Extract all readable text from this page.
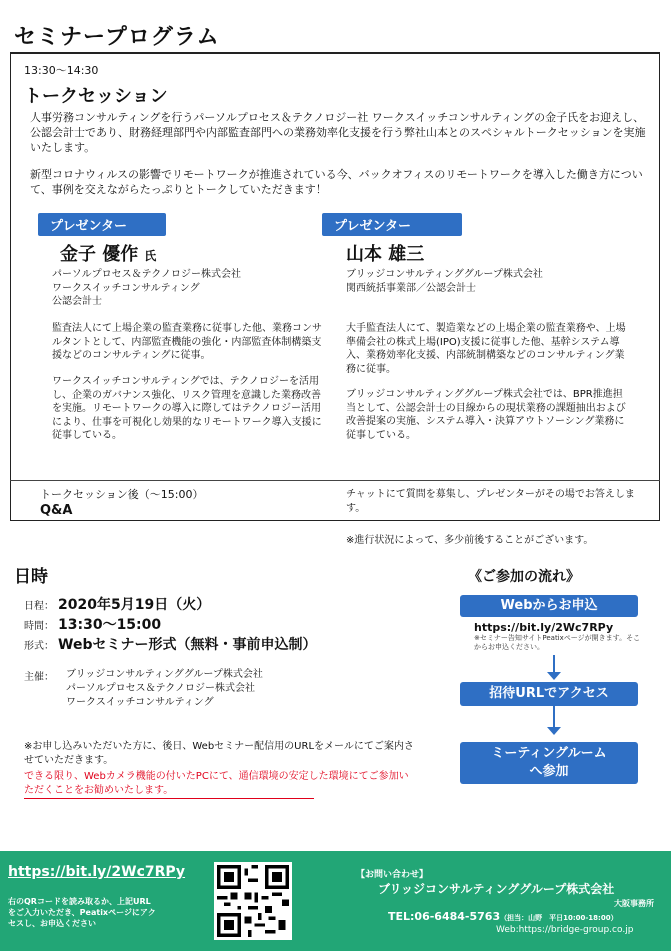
セミナープログラム
13:30～14:30
トークセッション
人事労務コンサルティングを行うパーソルプロセス＆テクノロジー社 ワークスイッチコンサルティングの金子氏をお迎えし、公認会計士であり、財務経理部門や内部監査部門への業務効率化支援を行う弊社山本とのスペシャルトークセッションを実施いたします。
新型コロナウィルスの影響でリモートワークが推進されている今、バックオフィスのリモートワークを導入した働き方について、事例を交えながらたっぷりとトークしていただきます！
プレゼンター	プレゼンター
金子 優作 氏	山本 雄三
パーソルプロセス＆テクノロジー株式会社
ワークスイッチコンサルティング
公認会計士
ブリッジコンサルティンググループ株式会社
関西統括事業部／公認会計士
監査法人にて上場企業の監査業務に従事した他、業務コンサルタントとして、内部監査機能の強化・内部監査体制構築支援などのコンサルティングに従事。
ワークスイッチコンサルティングでは、テクノロジーを活用し、企業のガバナンス強化、リスク管理を意識した業務改善を実施。リモートワークの導入に際してはテクノロジー活用により、仕事を可視化し効果的なリモートワーク導入支援に従事している。
大手監査法人にて、製造業などの上場企業の監査業務や、上場準備会社の株式上場(IPO)支援に従事した他、基幹システム導入、業務効率化支援、内部統制構築などのコンサルティング業務に従事。
ブリッジコンサルティンググループ株式会社では、BPR推進担当として、公認会計士の目線からの現状業務の課題抽出および改善提案の実施、システム導入・決算アウトソーシング業務に従事している。
トークセッション後（～15:00）
Q&A
チャットにて質問を募集し、プレゼンターがその場でお答えします。
※進行状況によって、多少前後することがございます。
日時
日程： 2020年5月19日（火）
時間： 13:30～15:00
形式： Webセミナー形式（無料・事前申込制）
主催： ブリッジコンサルティンググループ株式会社
パーソルプロセス＆テクノロジー株式会社
ワークスイッチコンサルティング
※お申し込みいただいた方に、後日、Webセミナー配信用のURLをメールにてご案内させていただきます。
できる限り、Webカメラ機能の付いたPCにて、通信環境の安定した環境にてご参加いただくことをお勧めいたします。
《ご参加の流れ》
Webからお申込
https://bit.ly/2Wc7RPy
※セミナー告知サイトPeatixページが開きます。そこからお申込ください。
招待URLでアクセス
ミーティングルーム
へ参加
https://bit.ly/2Wc7RPy
右のQRコードを読み取るか、上記URLをご入力いただき、Peatixページにアクセスし、お申込ください
【お問い合わせ】
ブリッジコンサルティンググループ株式会社
大阪事務所
TEL:06-6484-5763（担当：山野　平日10:00-18:00）
Web:https://bridge-group.co.jp
